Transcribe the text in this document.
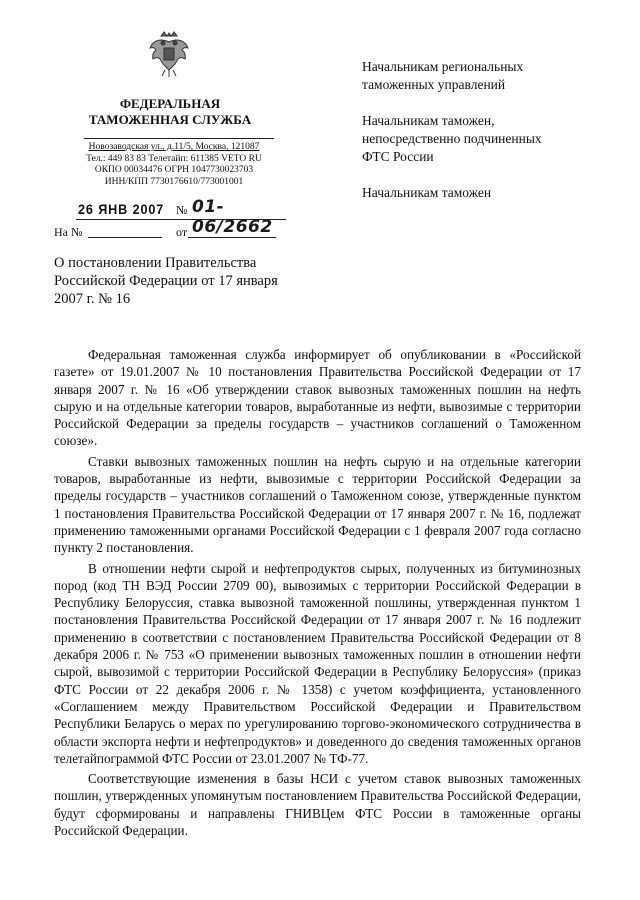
ФЕДЕРАЛЬНАЯ
ТАМОЖЕННАЯ СЛУЖБА
Новозаводская ул., д.11/5, Москва, 121087
Тел.: 449 83 83 Телетайп: 611385 VETO RU
ОКПО 00034476 ОГРН 1047730023703
ИНН/КПП 7730176610/773001001
26 ЯНВ 2007 № 01-06/2662
На №	от
О постановлении Правительства
Российской Федерации от 17 января
2007 г. № 16
Начальникам региональных
таможенных управлений
Начальникам таможен,
непосредственно подчиненных
ФТС России
Начальникам таможен

Федеральная таможенная служба информирует об опубликовании в «Российской газете» от 19.01.2007 № 10 постановления Правительства Российской Федерации от 17 января 2007 г. № 16 «Об утверждении ставок вывозных таможенных пошлин на нефть сырую и на отдельные категории товаров, выработанные из нефти, вывозимые с территории Российской Федерации за пределы государств – участников соглашений о Таможенном союзе».

Ставки вывозных таможенных пошлин на нефть сырую и на отдельные категории товаров, выработанные из нефти, вывозимые с территории Российской Федерации за пределы государств – участников соглашений о Таможенном союзе, утвержденные пунктом 1 постановления Правительства Российской Федерации от 17 января 2007 г. № 16, подлежат применению таможенными органами Российской Федерации с 1 февраля 2007 года согласно пункту 2 постановления.

В отношении нефти сырой и нефтепродуктов сырых, полученных из битуминозных пород (код ТН ВЭД России 2709 00), вывозимых с территории Российской Федерации в Республику Белоруссия, ставка вывозной таможенной пошлины, утвержденная пунктом 1 постановления Правительства Российской Федерации от 17 января 2007 г. № 16 подлежит применению в соответствии с постановлением Правительства Российской Федерации от 8 декабря 2006 г. № 753 «О применении вывозных таможенных пошлин в отношении нефти сырой, вывозимой с территории Российской Федерации в Республику Белоруссия» (приказ ФТС России от 22 декабря 2006 г. № 1358) с учетом коэффициента, установленного «Соглашением между Правительством Российской Федерации и Правительством Республики Беларусь о мерах по урегулированию торгово-экономического сотрудничества в области экспорта нефти и нефтепродуктов» и доведенного до сведения таможенных органов телетайпограммой ФТС России от 23.01.2007 № ТФ-77.

Соответствующие изменения в базы НСИ с учетом ставок вывозных таможенных пошлин, утвержденных упомянутым постановлением Правительства Российской Федерации, будут сформированы и направлены ГНИВЦем ФТС России в таможенные органы Российской Федерации.
